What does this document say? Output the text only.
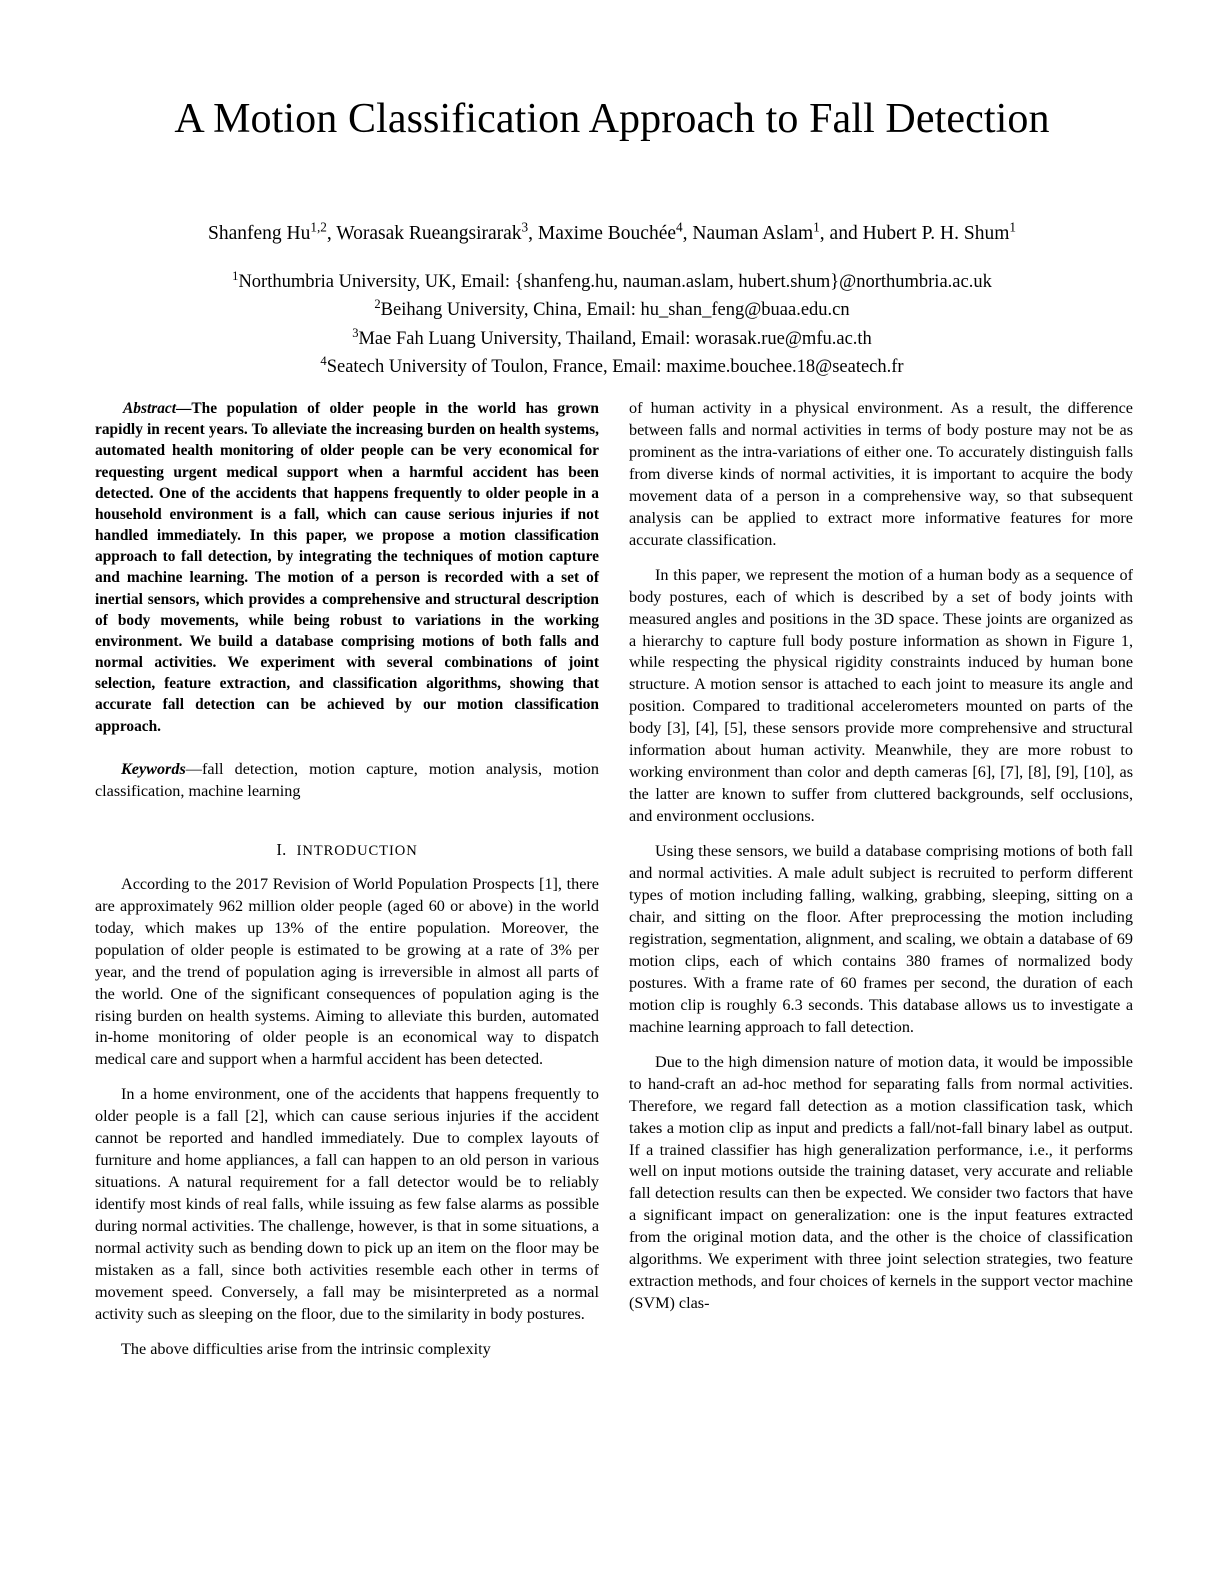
A Motion Classification Approach to Fall Detection
Shanfeng Hu$^{1,2}$, Worasak Rueangsirarak$^3$, Maxime Bouchée$^4$, Nauman Aslam$^1$, and Hubert P. H. Shum$^1$

$^1$Northumbria University, UK, Email: {shanfeng.hu, nauman.aslam, hubert.shum}@northumbria.ac.uk

$^2$Beihang University, China, Email: hu_shan_feng@buaa.edu.cn

$^3$Mae Fah Luang University, Thailand, Email: worasak.rue@mfu.ac.th

$^4$Seatech University of Toulon, France, Email: maxime.bouchee.18@seatech.fr

Abstract—The population of older people in the world has grown rapidly in recent years. To alleviate the increasing burden on health systems, automated health monitoring of older people can be very economical for requesting urgent medical support when a harmful accident has been detected. One of the accidents that happens frequently to older people in a household environment is a fall, which can cause serious injuries if not handled immediately. In this paper, we propose a motion classification approach to fall detection, by integrating the techniques of motion capture and machine learning. The motion of a person is recorded with a set of inertial sensors, which provides a comprehensive and structural description of body movements, while being robust to variations in the working environment. We build a database comprising motions of both falls and normal activities. We experiment with several combinations of joint selection, feature extraction, and classification algorithms, showing that accurate fall detection can be achieved by our motion classification approach.

Keywords—fall detection, motion capture, motion analysis, motion classification, machine learning

I. INTRODUCTION

According to the 2017 Revision of World Population Prospects [1], there are approximately 962 million older people (aged 60 or above) in the world today, which makes up 13% of the entire population. Moreover, the population of older people is estimated to be growing at a rate of 3% per year, and the trend of population aging is irreversible in almost all parts of the world. One of the significant consequences of population aging is the rising burden on health systems. Aiming to alleviate this burden, automated in-home monitoring of older people is an economical way to dispatch medical care and support when a harmful accident has been detected.

In a home environment, one of the accidents that happens frequently to older people is a fall [2], which can cause serious injuries if the accident cannot be reported and handled immediately. Due to complex layouts of furniture and home appliances, a fall can happen to an old person in various situations. A natural requirement for a fall detector would be to reliably identify most kinds of real falls, while issuing as few false alarms as possible during normal activities. The challenge, however, is that in some situations, a normal activity such as bending down to pick up an item on the floor may be mistaken as a fall, since both activities resemble each other in terms of movement speed. Conversely, a fall may be misinterpreted as a normal activity such as sleeping on the floor, due to the similarity in body postures.

The above difficulties arise from the intrinsic complexity

of human activity in a physical environment. As a result, the difference between falls and normal activities in terms of body posture may not be as prominent as the intra-variations of either one. To accurately distinguish falls from diverse kinds of normal activities, it is important to acquire the body movement data of a person in a comprehensive way, so that subsequent analysis can be applied to extract more informative features for more accurate classification.

In this paper, we represent the motion of a human body as a sequence of body postures, each of which is described by a set of body joints with measured angles and positions in the 3D space. These joints are organized as a hierarchy to capture full body posture information as shown in Figure 1, while respecting the physical rigidity constraints induced by human bone structure. A motion sensor is attached to each joint to measure its angle and position. Compared to traditional accelerometers mounted on parts of the body [3], [4], [5], these sensors provide more comprehensive and structural information about human activity. Meanwhile, they are more robust to working environment than color and depth cameras [6], [7], [8], [9], [10], as the latter are known to suffer from cluttered backgrounds, self occlusions, and environment occlusions.

Using these sensors, we build a database comprising motions of both fall and normal activities. A male adult subject is recruited to perform different types of motion including falling, walking, grabbing, sleeping, sitting on a chair, and sitting on the floor. After preprocessing the motion including registration, segmentation, alignment, and scaling, we obtain a database of 69 motion clips, each of which contains 380 frames of normalized body postures. With a frame rate of 60 frames per second, the duration of each motion clip is roughly 6.3 seconds. This database allows us to investigate a machine learning approach to fall detection.

Due to the high dimension nature of motion data, it would be impossible to hand-craft an ad-hoc method for separating falls from normal activities. Therefore, we regard fall detection as a motion classification task, which takes a motion clip as input and predicts a fall/not-fall binary label as output. If a trained classifier has high generalization performance, i.e., it performs well on input motions outside the training dataset, very accurate and reliable fall detection results can then be expected. We consider two factors that have a significant impact on generalization: one is the input features extracted from the original motion data, and the other is the choice of classification algorithms. We experiment with three joint selection strategies, two feature extraction methods, and four choices of kernels in the support vector machine (SVM) clas-
